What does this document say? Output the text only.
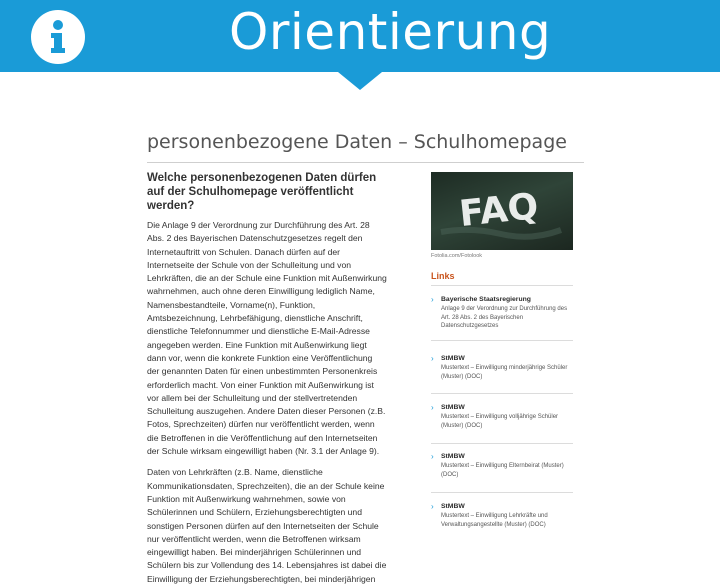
Orientierung
personenbezogene Daten – Schulhomepage
Welche personenbezogenen Daten dürfen auf der Schulhomepage veröffentlicht werden?
Die Anlage 9 der Verordnung zur Durchführung des Art. 28 Abs. 2 des Bayerischen Datenschutzgesetzes regelt den Internetauftritt von Schulen. Danach dürfen auf der Internetseite der Schule von der Schulleitung und von Lehrkräften, die an der Schule eine Funktion mit Außenwirkung wahrnehmen, auch ohne deren Einwilligung lediglich Name, Namensbestandteile, Vorname(n), Funktion, Amtsbezeichnung, Lehrbefähigung, dienstliche Anschrift, dienstliche Telefonnummer und dienstliche E-Mail-Adresse angegeben werden. Eine Funktion mit Außenwirkung liegt dann vor, wenn die konkrete Funktion eine Veröffentlichung der genannten Daten für einen unbestimmten Personenkreis erforderlich macht. Von einer Funktion mit Außenwirkung ist vor allem bei der Schulleitung und der stellvertretenden Schulleitung auszugehen. Andere Daten dieser Personen (z.B. Fotos, Sprechzeiten) dürfen nur veröffentlicht werden, wenn die Betroffenen in die Veröffentlichung auf den Internetseiten der Schule wirksam eingewilligt haben (Nr. 3.1 der Anlage 9).
Daten von Lehrkräften (z.B. Name, dienstliche Kommunikationsdaten, Sprechzeiten), die an der Schule keine Funktion mit Außenwirkung wahrnehmen, sowie von Schülerinnen und Schülern, Erziehungsberechtigten und sonstigen Personen dürfen auf den Internetseiten der Schule nur veröffentlicht werden, wenn die Betroffenen wirksam eingewilligt haben. Bei minderjährigen Schülerinnen und Schülern bis zur Vollendung des 14. Lebensjahres ist dabei die Einwilligung der Erziehungsberechtigten, bei minderjährigen
FAQ
Fotolia.com/Fotolook
Links
› Bayerische Staatsregierung
Anlage 9 der Verordnung zur Durchführung des Art. 28 Abs. 2 des Bayerischen Datenschutzgesetzes
› StMBW
Mustertext – Einwilligung minderjährige Schüler (Muster) (DOC)
› StMBW
Mustertext – Einwilligung volljährige Schüler (Muster) (DOC)
› StMBW
Mustertext – Einwilligung Elternbeirat (Muster) (DOC)
› StMBW
Mustertext – Einwilligung Lehrkräfte und Verwaltungsangestellte (Muster) (DOC)
